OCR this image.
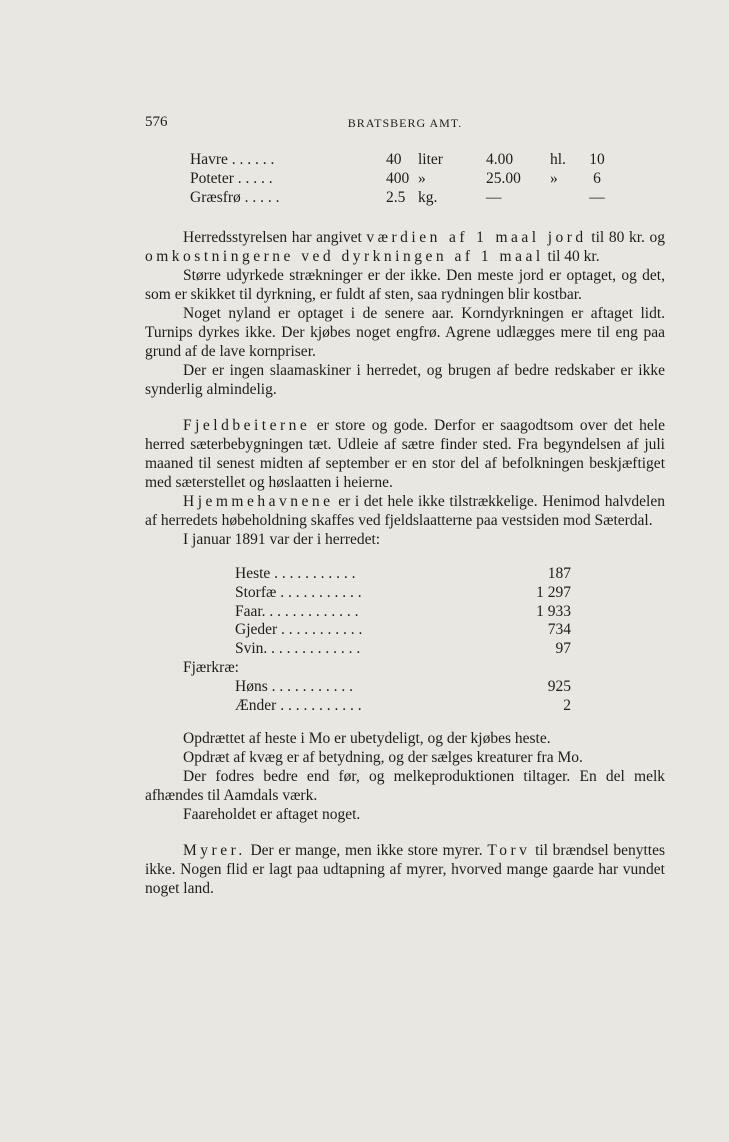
576	BRATSBERG AMT.
Havre . . . . . .	40 liter	4.00 hl.	10
Poteter . . . . .	400 »	25.00 »	6
Græsfrø . . . . .	2.5 kg.	—	—

Herredsstyrelsen har angivet værdien af 1 maal jord til 80 kr. og omkostningerne ved dyrkningen af 1 maal til 40 kr.

Større udyrkede strækninger er der ikke. Den meste jord er optaget, og det, som er skikket til dyrkning, er fuldt af sten, saa rydningen blir kostbar.

Noget nyland er optaget i de senere aar. Korndyrkningen er aftaget lidt. Turnips dyrkes ikke. Der kjøbes noget engfrø. Agrene udlægges mere til eng paa grund af de lave kornpriser.

Der er ingen slaamaskiner i herredet, og brugen af bedre redskaber er ikke synderlig almindelig.

Fjeldbeiterne er store og gode. Derfor er saagodtsom over det hele herred sæterbebygningen tæt. Udleie af sætre finder sted. Fra begyndelsen af juli maaned til senest midten af september er en stor del af befolkningen beskjæftiget med sæterstellet og høslaatten i heierne.

Hjemmehavnene er i det hele ikke tilstrækkelige. Henimod halvdelen af herredets høbeholdning skaffes ved fjeldslaatterne paa vestsiden mod Sæterdal.

I januar 1891 var der i herredet:

Heste . . . . . . . . . . .	187
Storfæ . . . . . . . . . . .	1 297
Faar. . . . . . . . . . . . .	1 933
Gjeder . . . . . . . . . . .	734
Svin. . . . . . . . . . . . .	97
Fjærkræ:
Høns . . . . . . . . . . .	925
Ænder . . . . . . . . . . .	2

Opdrættet af heste i Mo er ubetydeligt, og der kjøbes heste.

Opdræt af kvæg er af betydning, og der sælges kreaturer fra Mo.

Der fodres bedre end før, og melkeproduktionen tiltager. En del melk afhændes til Aamdals værk.

Faareholdet er aftaget noget.

Myrer. Der er mange, men ikke store myrer. Torv til brændsel benyttes ikke. Nogen flid er lagt paa udtapning af myrer, hvorved mange gaarde har vundet noget land.
